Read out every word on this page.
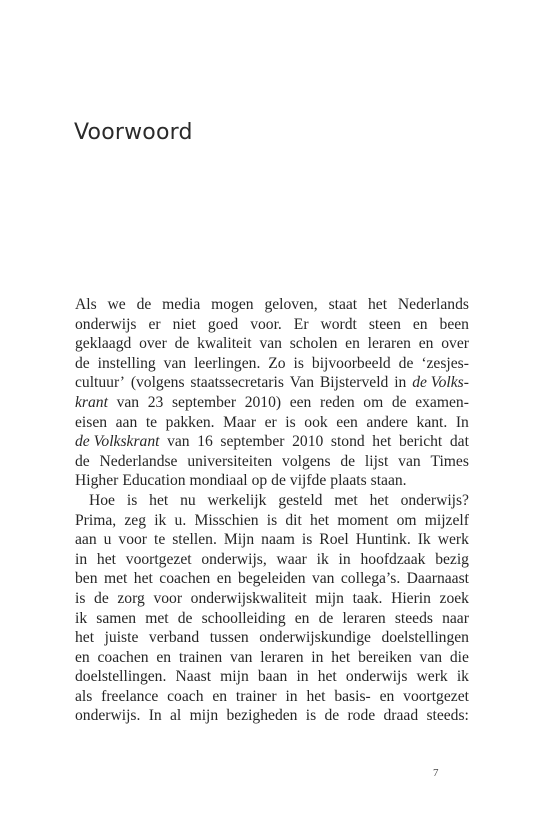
Voorwoord
Als we de media mogen geloven, staat het Nederlands
onderwijs er niet goed voor. Er wordt steen en been
geklaagd over de kwaliteit van scholen en leraren en over
de instelling van leerlingen. Zo is bijvoorbeeld de ‘zesjes-
cultuur’ (volgens staatssecretaris Van Bijsterveld in de Volks-
krant van 23 september 2010) een reden om de examen-
eisen aan te pakken. Maar er is ook een andere kant. In
de Volkskrant van 16 september 2010 stond het bericht dat
de Nederlandse universiteiten volgens de lijst van Times
Higher Education mondiaal op de vijfde plaats staan.
Hoe is het nu werkelijk gesteld met het onderwijs?
Prima, zeg ik u. Misschien is dit het moment om mijzelf
aan u voor te stellen. Mijn naam is Roel Huntink. Ik werk
in het voortgezet onderwijs, waar ik in hoofdzaak bezig
ben met het coachen en begeleiden van collega’s. Daarnaast
is de zorg voor onderwijskwaliteit mijn taak. Hierin zoek
ik samen met de schoolleiding en de leraren steeds naar
het juiste verband tussen onderwijskundige doelstellingen
en coachen en trainen van leraren in het bereiken van die
doelstellingen. Naast mijn baan in het onderwijs werk ik
als freelance coach en trainer in het basis- en voortgezet
onderwijs. In al mijn bezigheden is de rode draad steeds:
7
